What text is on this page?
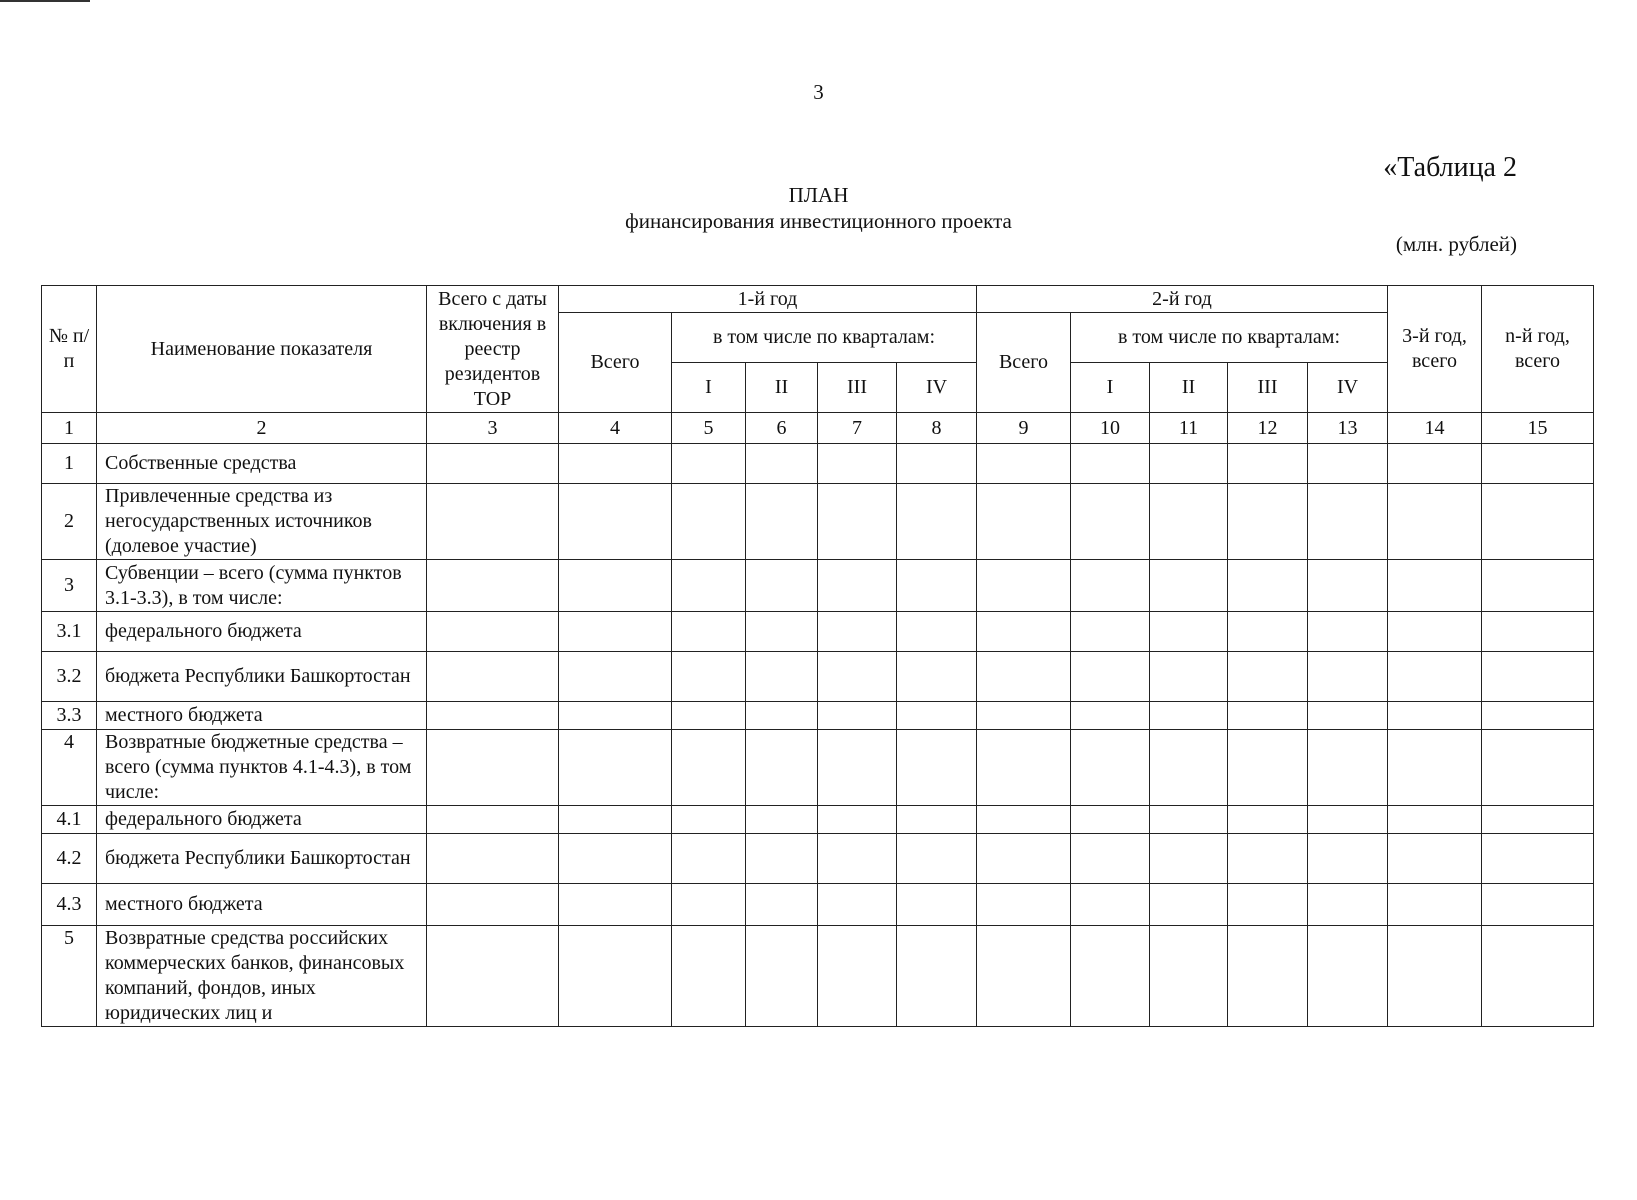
3
«Таблица 2
ПЛАН
финансирования инвестиционного проекта
(млн. рублей)
№ п/п	Наименование показателя	Всего с даты включения в реестр резидентов ТОР	1-й год					2-й год					3-й год, всего	n-й год, всего
			Всего	в том числе по кварталам:				Всего	в том числе по кварталам:					
				I	II	III	IV		I	II	III	IV		
1	2	3	4	5	6	7	8	9	10	11	12	13	14	15
1	Собственные средства													
2	Привлеченные средства из негосударственных источников (долевое участие)													
3	Субвенции – всего (сумма пунктов 3.1-3.3), в том числе:													
3.1	федерального бюджета													
3.2	бюджета Республики Башкортостан													
3.3	местного бюджета													
4	Возвратные бюджетные средства – всего (сумма пунктов 4.1-4.3), в том числе:													
4.1	федерального бюджета													
4.2	бюджета Республики Башкортостан													
4.3	местного бюджета													
5	Возвратные средства российских коммерческих банков, финансовых компаний, фондов, иных юридических лиц и													
